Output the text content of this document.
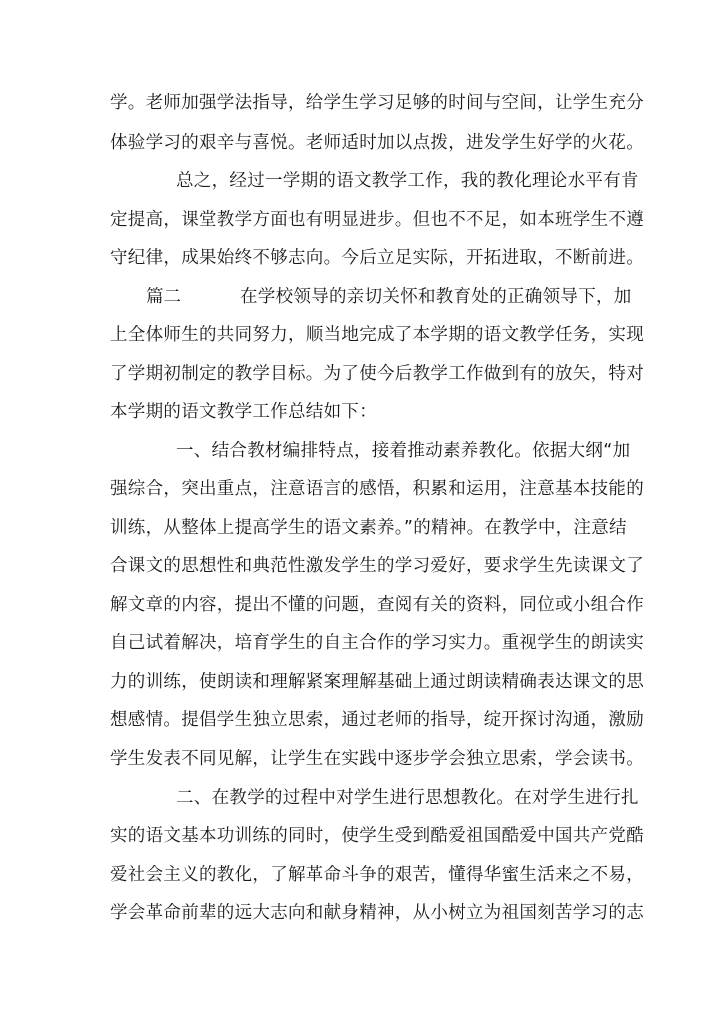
学。老师加强学法指导，给学生学习足够的时间与空间，让学生充分
体验学习的艰辛与喜悦。老师适时加以点拨，进发学生好学的火花。
总之，经过一学期的语文教学工作，我的教化理论水平有肯
定提高，课堂教学方面也有明显进步。但也不不足，如本班学生不遵
守纪律，成果始终不够志向。今后立足实际，开拓进取，不断前进。
篇二	在学校领导的亲切关怀和教育处的正确领导下，加
上全体师生的共同努力，顺当地完成了本学期的语文教学任务，实现
了学期初制定的教学目标。为了使今后教学工作做到有的放矢，特对
本学期的语文教学工作总结如下：
一、结合教材编排特点，接着推动素养教化。依据大纲“加
强综合，突出重点，注意语言的感悟，积累和运用，注意基本技能的
训练，从整体上提高学生的语文素养。”的精神。在教学中，注意结
合课文的思想性和典范性激发学生的学习爱好，要求学生先读课文了
解文章的内容，提出不懂的问题，查阅有关的资料，同位或小组合作
自己试着解决，培育学生的自主合作的学习实力。重视学生的朗读实
力的训练，使朗读和理解紧案理解基础上通过朗读精确表达课文的思
想感情。提倡学生独立思索，通过老师的指导，绽开探讨沟通，激励
学生发表不同见解，让学生在实践中逐步学会独立思索，学会读书。
二、在教学的过程中对学生进行思想教化。在对学生进行扎
实的语文基本功训练的同时，使学生受到酷爱祖国酷爱中国共产党酷
爱社会主义的教化，了解革命斗争的艰苦，懂得华蜜生活来之不易，
学会革命前辈的远大志向和献身精神，从小树立为祖国刻苦学习的志
